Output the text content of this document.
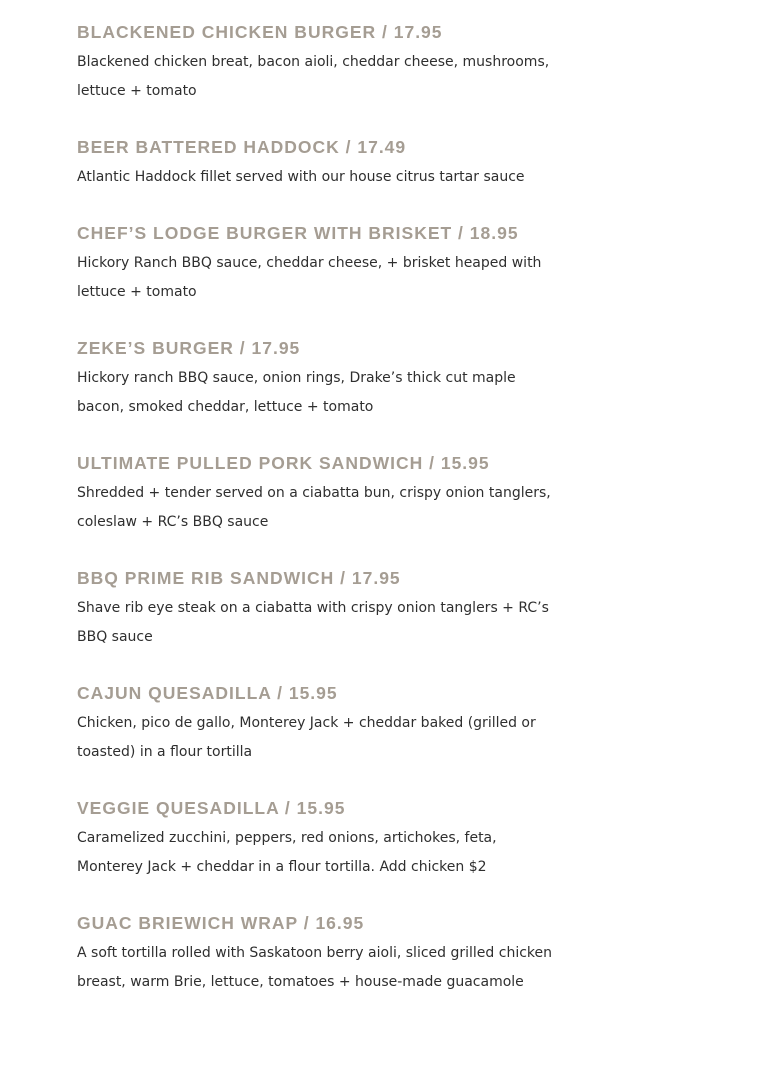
BLACKENED CHICKEN BURGER / 17.95

Blackened chicken breat, bacon aioli, cheddar cheese, mushrooms, lettuce + tomato

BEER BATTERED HADDOCK / 17.49

Atlantic Haddock fillet served with our house citrus tartar sauce

CHEF’S LODGE BURGER WITH BRISKET / 18.95

Hickory Ranch BBQ sauce, cheddar cheese, + brisket heaped with lettuce + tomato

ZEKE’S BURGER / 17.95

Hickory ranch BBQ sauce, onion rings, Drake’s thick cut maple bacon, smoked cheddar, lettuce + tomato

ULTIMATE PULLED PORK SANDWICH / 15.95

Shredded + tender served on a ciabatta bun, crispy onion tanglers, coleslaw + RC’s BBQ sauce

BBQ PRIME RIB SANDWICH / 17.95

Shave rib eye steak on a ciabatta with crispy onion tanglers + RC’s BBQ sauce

CAJUN QUESADILLA / 15.95

Chicken, pico de gallo, Monterey Jack + cheddar baked (grilled or toasted) in a flour tortilla

VEGGIE QUESADILLA / 15.95

Caramelized zucchini, peppers, red onions, artichokes, feta, Monterey Jack + cheddar in a flour tortilla. Add chicken $2

GUAC BRIEWICH WRAP / 16.95

A soft tortilla rolled with Saskatoon berry aioli, sliced grilled chicken breast, warm Brie, lettuce, tomatoes + house-made guacamole
